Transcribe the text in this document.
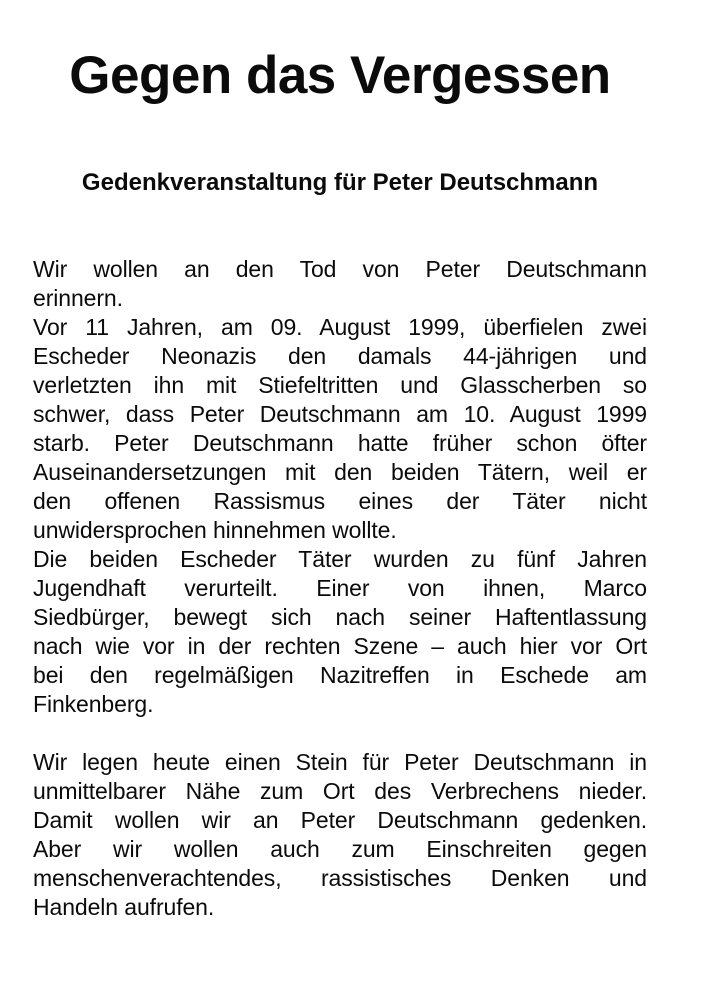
Gegen das Vergessen
Gedenkveranstaltung für Peter Deutschmann
Wir wollen an den Tod von Peter Deutschmann
erinnern.
Vor 11 Jahren, am 09. August 1999, überfielen zwei
Escheder Neonazis den damals 44-jährigen und
verletzten ihn mit Stiefeltritten und Glasscherben so
schwer, dass Peter Deutschmann am 10. August 1999
starb. Peter Deutschmann hatte früher schon öfter
Auseinandersetzungen mit den beiden Tätern, weil er
den offenen Rassismus eines der Täter nicht
unwidersprochen hinnehmen wollte.
Die beiden Escheder Täter wurden zu fünf Jahren
Jugendhaft verurteilt. Einer von ihnen, Marco
Siedbürger, bewegt sich nach seiner Haftentlassung
nach wie vor in der rechten Szene – auch hier vor Ort
bei den regelmäßigen Nazitreffen in Eschede am
Finkenberg.
Wir legen heute einen Stein für Peter Deutschmann in
unmittelbarer Nähe zum Ort des Verbrechens nieder.
Damit wollen wir an Peter Deutschmann gedenken.
Aber wir wollen auch zum Einschreiten gegen
menschenverachtendes, rassistisches Denken und
Handeln aufrufen.
